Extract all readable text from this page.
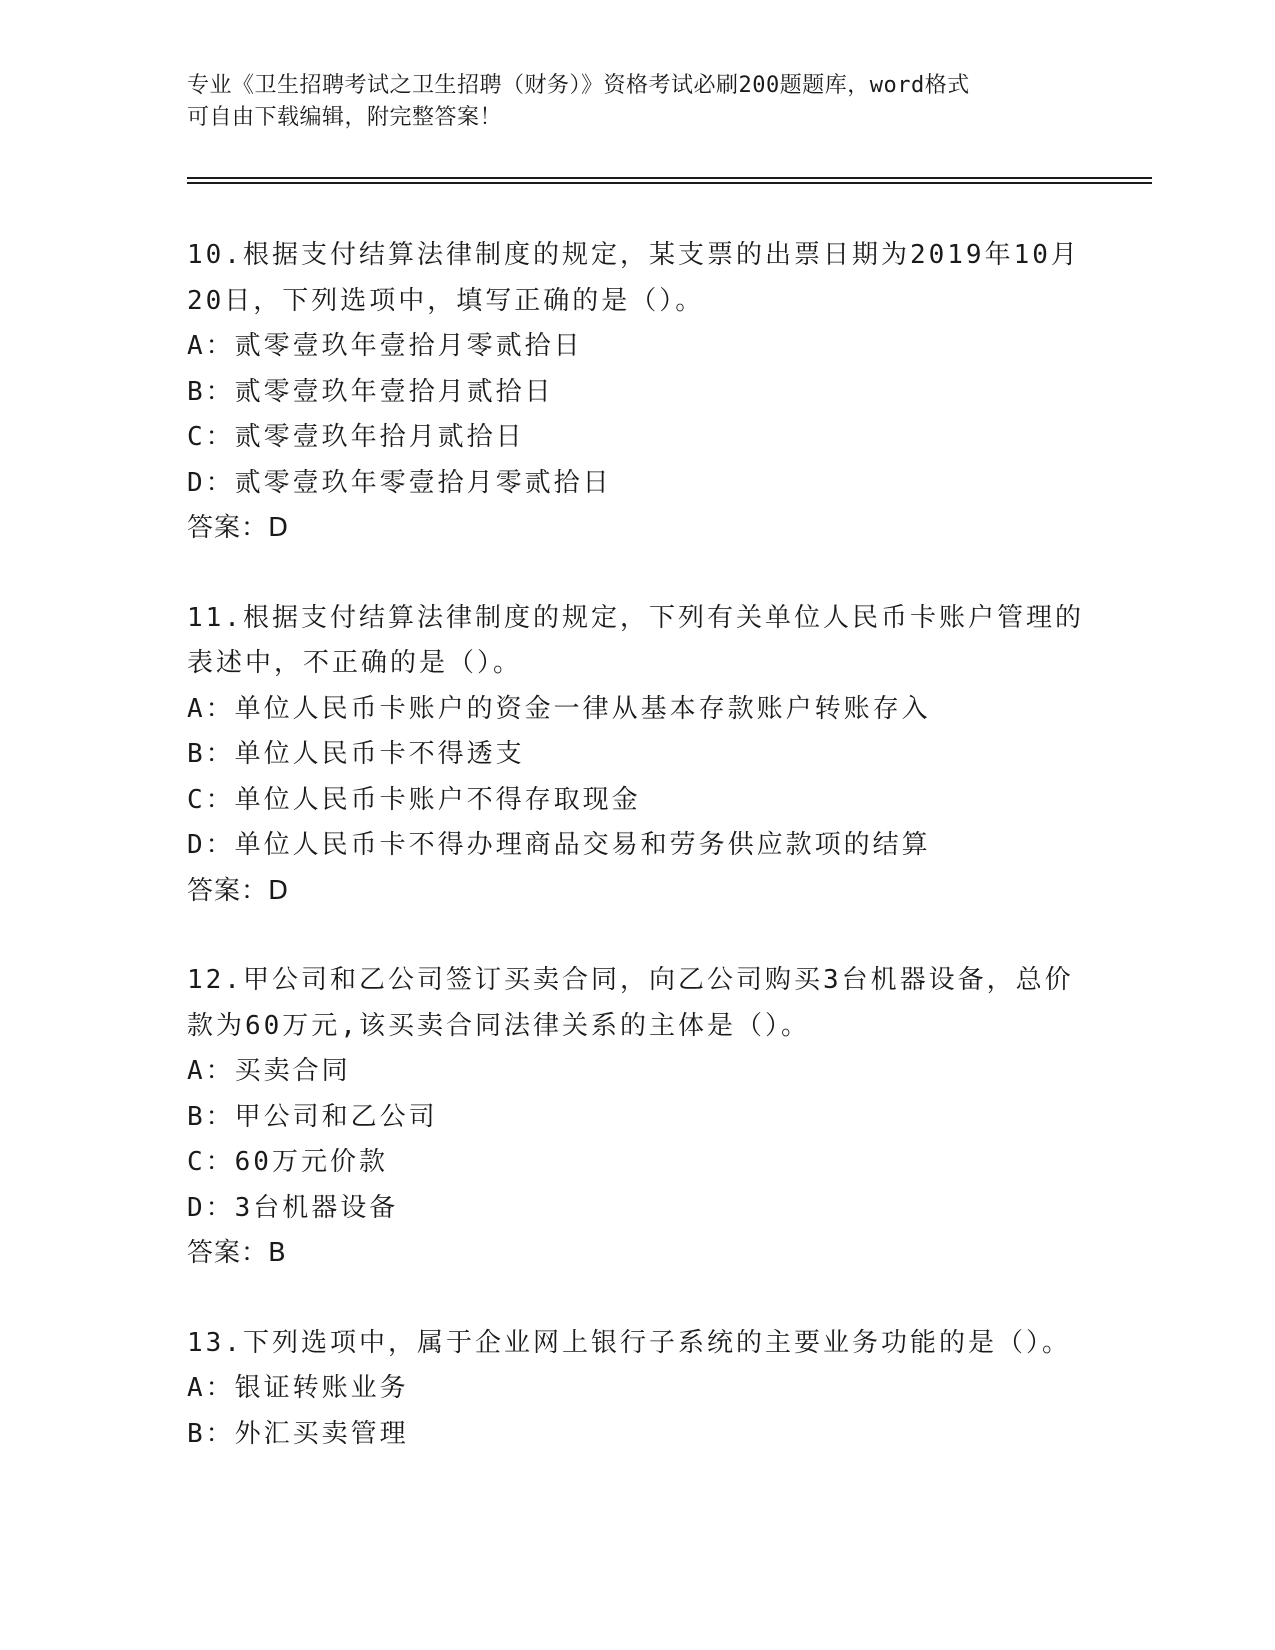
专业《卫生招聘考试之卫生招聘（财务）》资格考试必刷200题题库，word格式
可自由下载编辑，附完整答案！
10.根据支付结算法律制度的规定，某支票的出票日期为2019年10月
20日，下列选项中，填写正确的是（）。
A：贰零壹玖年壹拾月零贰拾日
B：贰零壹玖年壹拾月贰拾日
C：贰零壹玖年拾月贰拾日
D：贰零壹玖年零壹拾月零贰拾日
答案：D
11.根据支付结算法律制度的规定，下列有关单位人民币卡账户管理的
表述中，不正确的是（）。
A：单位人民币卡账户的资金一律从基本存款账户转账存入
B：单位人民币卡不得透支
C：单位人民币卡账户不得存取现金
D：单位人民币卡不得办理商品交易和劳务供应款项的结算
答案：D
12.甲公司和乙公司签订买卖合同，向乙公司购买3台机器设备，总价
款为60万元,该买卖合同法律关系的主体是（）。
A：买卖合同
B：甲公司和乙公司
C：60万元价款
D：3台机器设备
答案：B
13.下列选项中，属于企业网上银行子系统的主要业务功能的是（）。
A：银证转账业务
B：外汇买卖管理
